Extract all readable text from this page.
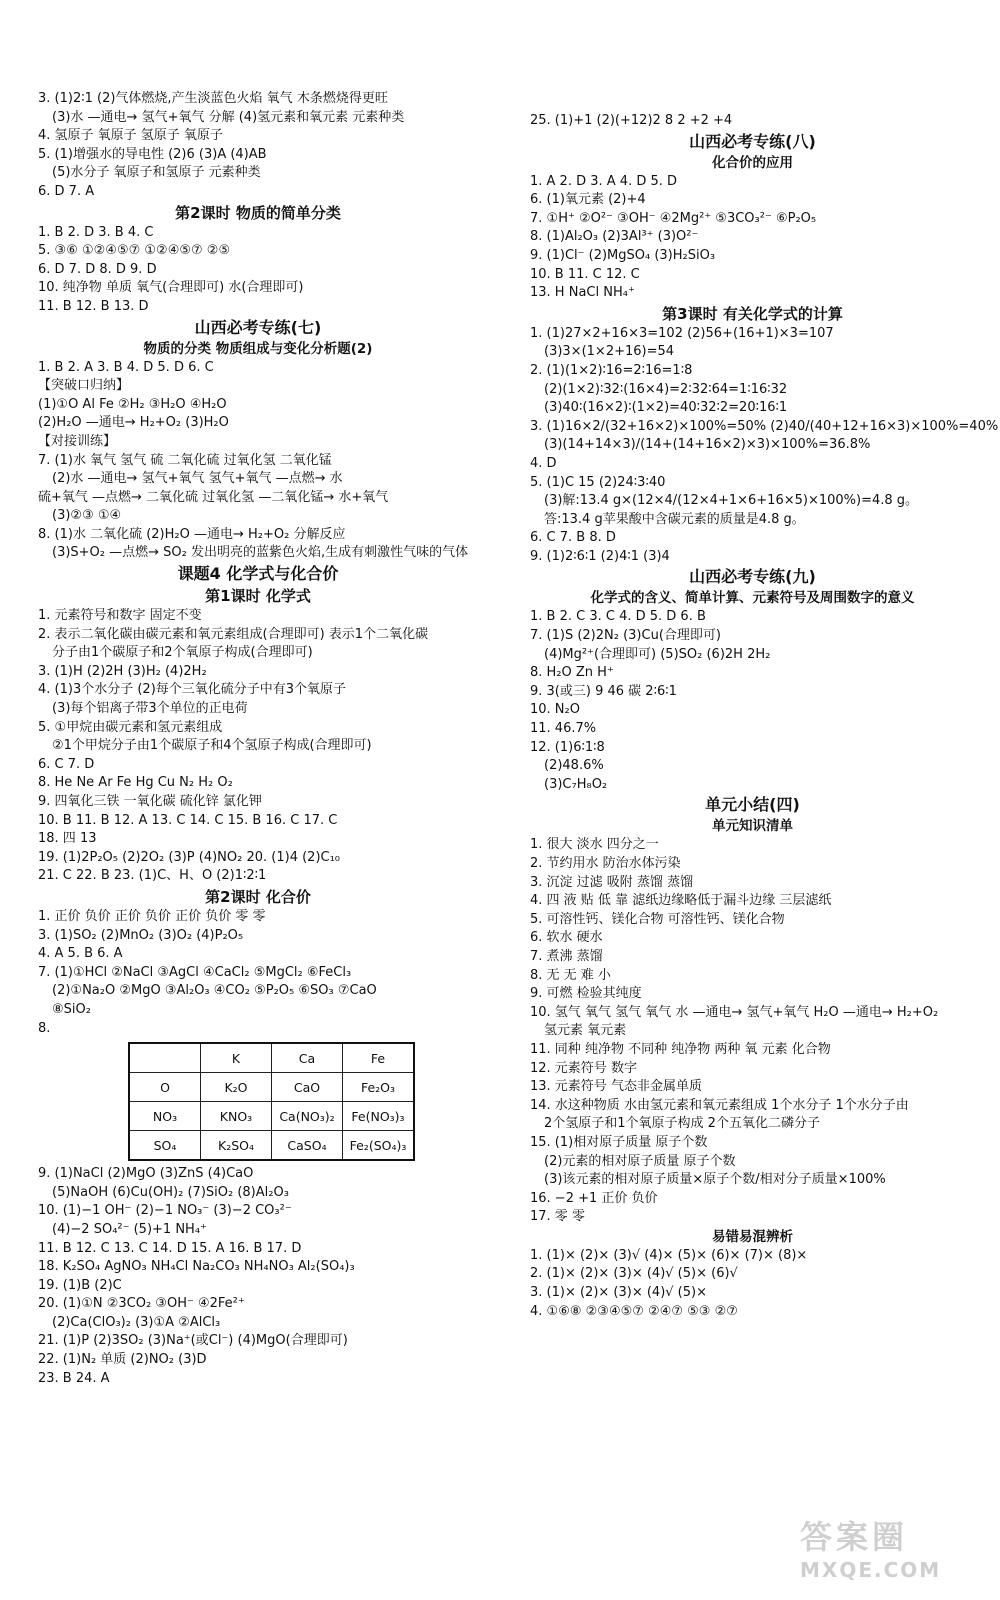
3. (1)2∶1 (2)气体燃烧,产生淡蓝色火焰 氧气 木条燃烧得更旺
(3)水 —通电→ 氢气+氧气 分解 (4)氢元素和氧元素 元素种类
4. 氢原子 氧原子 氢原子 氧原子
5. (1)增强水的导电性 (2)6 (3)A (4)AB
(5)水分子 氧原子和氢原子 元素种类
6. D 7. A
第2课时 物质的简单分类
1. B 2. D 3. B 4. C
5. ③⑥ ①②④⑤⑦ ①②④⑤⑦ ②⑤
6. D 7. D 8. D 9. D
10. 纯净物 单质 氧气(合理即可) 水(合理即可)
11. B 12. B 13. D
山西必考专练(七)
物质的分类 物质组成与变化分析题(2)
1. B 2. A 3. B 4. D 5. D 6. C
【突破口归纳】
(1)①O Al Fe ②H₂ ③H₂O ④H₂O
(2)H₂O —通电→ H₂+O₂ (3)H₂O
【对接训练】
7. (1)水 氧气 氢气 硫 二氧化硫 过氧化氢 二氧化锰
(2)水 —通电→ 氢气+氧气 氢气+氧气 —点燃→ 水
硫+氧气 —点燃→ 二氧化硫 过氧化氢 —二氧化锰→ 水+氧气
(3)②③ ①④
8. (1)水 二氧化硫 (2)H₂O —通电→ H₂+O₂ 分解反应
(3)S+O₂ —点燃→ SO₂ 发出明亮的蓝紫色火焰,生成有刺激性气味的气体
课题4 化学式与化合价
第1课时 化学式
1. 元素符号和数字 固定不变
2. 表示二氧化碳由碳元素和氧元素组成(合理即可) 表示1个二氧化碳
分子由1个碳原子和2个氧原子构成(合理即可)
3. (1)H (2)2H (3)H₂ (4)2H₂
4. (1)3个水分子 (2)每个三氧化硫分子中有3个氧原子
(3)每个铝离子带3个单位的正电荷
5. ①甲烷由碳元素和氢元素组成
②1个甲烷分子由1个碳原子和4个氢原子构成(合理即可)
6. C 7. D
8. He Ne Ar Fe Hg Cu N₂ H₂ O₂
9. 四氧化三铁 一氧化碳 硫化锌 氯化钾
10. B 11. B 12. A 13. C 14. C 15. B 16. C 17. C
18. 四 13
19. (1)2P₂O₅ (2)2O₂ (3)P (4)NO₂ 20. (1)4 (2)C₁₀
21. C 22. B 23. (1)C、H、O (2)1∶2∶1
第2课时 化合价
1. 正价 负价 正价 负价 正价 负价 零 零
3. (1)SO₂ (2)MnO₂ (3)O₂ (4)P₂O₅
4. A 5. B 6. A
7. (1)①HCl ②NaCl ③AgCl ④CaCl₂ ⑤MgCl₂ ⑥FeCl₃
(2)①Na₂O ②MgO ③Al₂O₃ ④CO₂ ⑤P₂O₅ ⑥SO₃ ⑦CaO
⑧SiO₂
8.
	K	Ca	Fe
O	K₂O	CaO	Fe₂O₃
NO₃	KNO₃	Ca(NO₃)₂	Fe(NO₃)₃
SO₄	K₂SO₄	CaSO₄	Fe₂(SO₄)₃
9. (1)NaCl (2)MgO (3)ZnS (4)CaO
(5)NaOH (6)Cu(OH)₂ (7)SiO₂ (8)Al₂O₃
10. (1)−1 OH⁻ (2)−1 NO₃⁻ (3)−2 CO₃²⁻
(4)−2 SO₄²⁻ (5)+1 NH₄⁺
11. B 12. C 13. C 14. D 15. A 16. B 17. D
18. K₂SO₄ AgNO₃ NH₄Cl Na₂CO₃ NH₄NO₃ Al₂(SO₄)₃
19. (1)B (2)C
20. (1)①N ②3CO₂ ③OH⁻ ④2Fe²⁺
(2)Ca(ClO₃)₂ (3)①A ②AlCl₃
21. (1)P (2)3SO₂ (3)Na⁺(或Cl⁻) (4)MgO(合理即可)
22. (1)N₂ 单质 (2)NO₂ (3)D
23. B 24. A
25. (1)+1 (2)(+12)2 8 2 +2 +4
山西必考专练(八)
化合价的应用
1. A 2. D 3. A 4. D 5. D
6. (1)氧元素 (2)+4
7. ①H⁺ ②O²⁻ ③OH⁻ ④2Mg²⁺ ⑤3CO₃²⁻ ⑥P₂O₅
8. (1)Al₂O₃ (2)3Al³⁺ (3)O²⁻
9. (1)Cl⁻ (2)MgSO₄ (3)H₂SiO₃
10. B 11. C 12. C
13. H NaCl NH₄⁺
第3课时 有关化学式的计算
1. (1)27×2+16×3=102 (2)56+(16+1)×3=107
(3)3×(1×2+16)=54
2. (1)(1×2)∶16=2∶16=1∶8
(2)(1×2)∶32∶(16×4)=2∶32∶64=1∶16∶32
(3)40∶(16×2)∶(1×2)=40∶32∶2=20∶16∶1
3. (1)16×2/(32+16×2)×100%=50% (2)40/(40+12+16×3)×100%=40%
(3)(14+14×3)/(14+(14+16×2)×3)×100%=36.8%
4. D
5. (1)C 15 (2)24∶3∶40
(3)解:13.4 g×(12×4/(12×4+1×6+16×5)×100%)=4.8 g。
答:13.4 g苹果酸中含碳元素的质量是4.8 g。
6. C 7. B 8. D
9. (1)2∶6∶1 (2)4∶1 (3)4
山西必考专练(九)
化学式的含义、简单计算、元素符号及周围数字的意义
1. B 2. C 3. C 4. D 5. D 6. B
7. (1)S (2)2N₂ (3)Cu(合理即可)
(4)Mg²⁺(合理即可) (5)SO₂ (6)2H 2H₂
8. H₂O Zn H⁺
9. 3(或三) 9 46 碳 2∶6∶1
10. N₂O
11. 46.7%
12. (1)6∶1∶8
(2)48.6%
(3)C₇H₈O₂
单元小结(四)
单元知识清单
1. 很大 淡水 四分之一
2. 节约用水 防治水体污染
3. 沉淀 过滤 吸附 蒸馏 蒸馏
4. 四 液 贴 低 靠 滤纸边缘略低于漏斗边缘 三层滤纸
5. 可溶性钙、镁化合物 可溶性钙、镁化合物
6. 软水 硬水
7. 煮沸 蒸馏
8. 无 无 难 小
9. 可燃 检验其纯度
10. 氢气 氧气 氢气 氧气 水 —通电→ 氢气+氧气 H₂O —通电→ H₂+O₂
氢元素 氧元素
11. 同种 纯净物 不同种 纯净物 两种 氧 元素 化合物
12. 元素符号 数字
13. 元素符号 气态非金属单质
14. 水这种物质 水由氢元素和氧元素组成 1个水分子 1个水分子由
2个氢原子和1个氧原子构成 2个五氧化二磷分子
15. (1)相对原子质量 原子个数
(2)元素的相对原子质量 原子个数
(3)该元素的相对原子质量×原子个数/相对分子质量×100%
16. −2 +1 正价 负价
17. 零 零
易错易混辨析
1. (1)× (2)× (3)√ (4)× (5)× (6)× (7)× (8)×
2. (1)× (2)× (3)× (4)√ (5)× (6)√
3. (1)× (2)× (3)× (4)√ (5)×
4. ①⑥⑧ ②③④⑤⑦ ②④⑦ ⑤③ ②⑦
答案圈
MXQE.COM
